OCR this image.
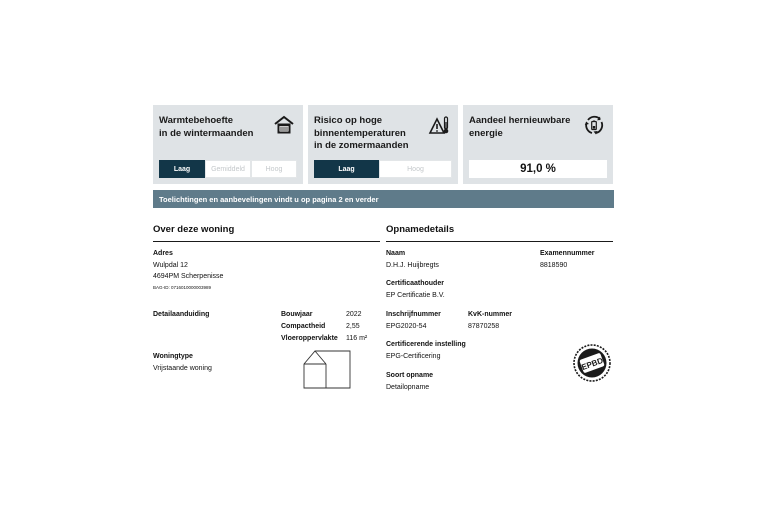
Warmtebehoefte
in de wintermaanden
Laag	Gemiddeld	Hoog
Risico op hoge
binnentemperaturen
in de zomermaanden
Laag	Hoog
Aandeel hernieuwbare
energie
91,0 %
Toelichtingen en aanbevelingen vindt u op pagina 2 en verder
Over deze woning
Adres
Wulpdal 12
4694PM Scherpenisse
BAG-ID: 0716010000003989
Detailaanduiding	Bouwjaar	2022
Compactheid	2,55
Vloeroppervlakte 116 m²
Woningtype
Vrijstaande woning
Opnamedetails
Naam
D.H.J. Huijbregts
Examennummer
8818590
Certificaathouder
EP Certificatie B.V.
Inschrijfnummer
EPG2020-54
KvK-nummer
87870258
Certificerende instelling
EPG-Certificering
Soort opname
Detailopname
EPBD
